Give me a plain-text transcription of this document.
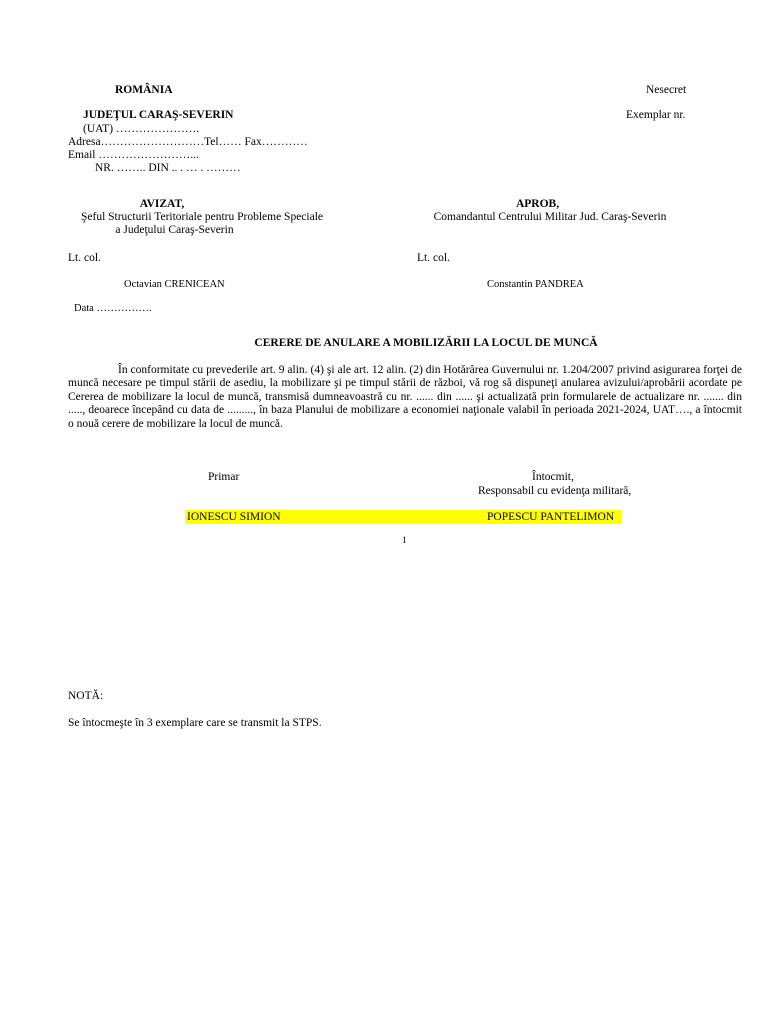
ROMÂNIA	Nesecret
JUDEŢUL CARAŞ-SEVERIN	Exemplar nr.
(UAT) ………………….
Adresa………………………Tel…… Fax…………
Email ……………………...
NR. …….. DIN .. . … . ………
AVIZAT,
Şeful Structurii Teritoriale pentru Probleme Speciale
a Judeţului Caraş-Severin
APROB,
Comandantul Centrului Militar Jud. Caraş-Severin
Lt. col.	Lt. col.
Octavian CRENICEAN	Constantin PANDREA
Data …………….
CERERE DE ANULARE A MOBILIZĂRII LA LOCUL DE MUNCĂ
În conformitate cu prevederile art. 9 alin. (4) şi ale art. 12 alin. (2) din Hotărârea Guvernului nr. 1.204/2007 privind asigurarea forţei de muncă necesare pe timpul stării de asediu, la mobilizare şi pe timpul stării de război, vă rog să dispuneţi anularea avizului/aprobării acordate pe Cererea de mobilizare la locul de muncă, transmisă dumneavoastră cu nr. ...... din ...... şi actualizată prin formularele de actualizare nr. ....... din ....., deoarece începând cu data de ........., în baza Planului de mobilizare a economiei naţionale valabil în perioada 2021-2024, UAT…., a întocmit o nouă cerere de mobilizare la locul de muncă.
Primar	Întocmit,
Responsabil cu evidenţa militară,
IONESCU SIMION	POPESCU PANTELIMON
1
NOTĂ:
Se întocmeşte în 3 exemplare care se transmit la STPS.
